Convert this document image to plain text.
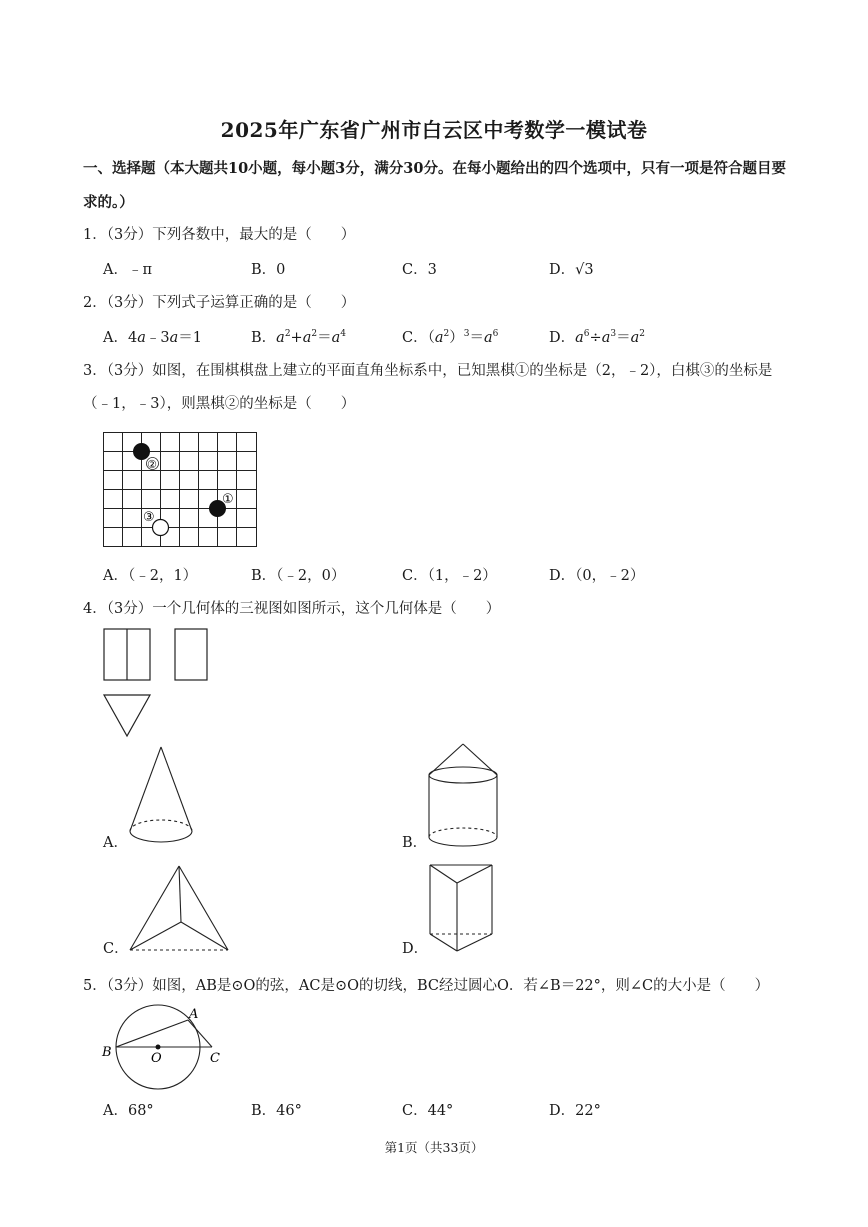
2025年广东省广州市白云区中考数学一模试卷
一、选择题（本大题共10小题，每小题3分，满分30分。在每小题给出的四个选项中，只有一项是符合题目要求的。）
1．（3分）下列各数中，最大的是（　　）
A．﹣π	B．0	C．3	D．√3
2．（3分）下列式子运算正确的是（　　）
A．4a﹣3a＝1	B．$a^2+a^2=a^4$	C．$(a^2)^3=a^6$	D．$a^6\div a^3=a^2$
3．（3分）如图，在围棋棋盘上建立的平面直角坐标系中，已知黑棋①的坐标是（2，﹣2），白棋③的坐标是（﹣1，﹣3），则黑棋②的坐标是（　　）
②
①
③
A．（﹣2，1）	B．（﹣2，0）	C．（1，﹣2）	D．（0，﹣2）
4．（3分）一个几何体的三视图如图所示，这个几何体是（　　）
A．	B．
C．	D．
5．（3分）如图，AB是⊙O的弦，AC是⊙O的切线，BC经过圆心O．若∠B＝22°，则∠C的大小是（　　）
A
B	O	C
A．68°	B．46°	C．44°	D．22°
第1页（共33页）
